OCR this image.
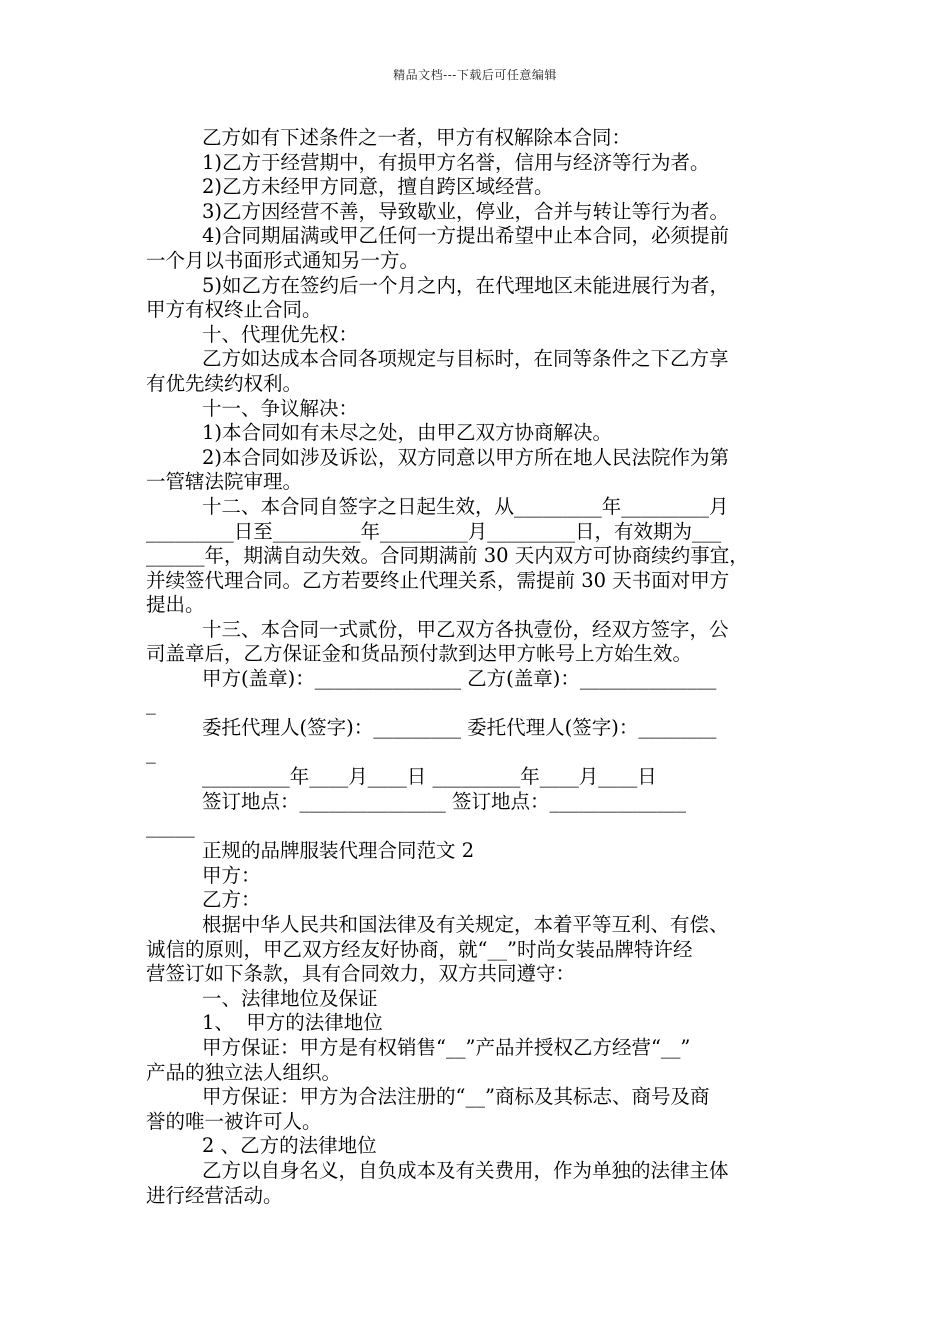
精品文档---下载后可任意编辑
乙方如有下述条件之一者，甲方有权解除本合同：
1)乙方于经营期中，有损甲方名誉，信用与经济等行为者。
2)乙方未经甲方同意，擅自跨区域经营。
3)乙方因经营不善，导致歇业，停业，合并与转让等行为者。
4)合同期届满或甲乙任何一方提出希望中止本合同，必须提前
一个月以书面形式通知另一方。
5)如乙方在签约后一个月之内，在代理地区未能进展行为者，
甲方有权终止合同。
十、代理优先权：
乙方如达成本合同各项规定与目标时，在同等条件之下乙方享
有优先续约权利。
十一、争议解决：
1)本合同如有未尽之处，由甲乙双方协商解决。
2)本合同如涉及诉讼，双方同意以甲方所在地人民法院作为第
一管辖法院审理。
十二、本合同自签字之日起生效，从_________年_________月
_________日至_________年_________月_________日，有效期为___
______年，期满自动失效。合同期满前 30 天内双方可协商续约事宜，
并续签代理合同。乙方若要终止代理关系，需提前 30 天书面对甲方
提出。
十三、本合同一式贰份，甲乙双方各执壹份，经双方签字，公
司盖章后，乙方保证金和货品预付款到达甲方帐号上方始生效。
甲方(盖章)：_______________ 乙方(盖章)：______________
_
委托代理人(签字)：_________ 委托代理人(签字)：________
_
_________年____月____日 _________年____月____日
签订地点：_______________ 签订地点：______________
_____
正规的品牌服装代理合同范文 2
甲方：
乙方：
根据中华人民共和国法律及有关规定，本着平等互利、有偿、
诚信的原则，甲乙双方经友好协商，就“__”时尚女装品牌特许经
营签订如下条款，具有合同效力，双方共同遵守：
一、法律地位及保证
1、  甲方的法律地位
甲方保证：甲方是有权销售“__”产品并授权乙方经营“__”
产品的独立法人组织。
甲方保证：甲方为合法注册的“__”商标及其标志、商号及商
誉的唯一被许可人。
2 、乙方的法律地位
乙方以自身名义，自负成本及有关费用，作为单独的法律主体
进行经营活动。
